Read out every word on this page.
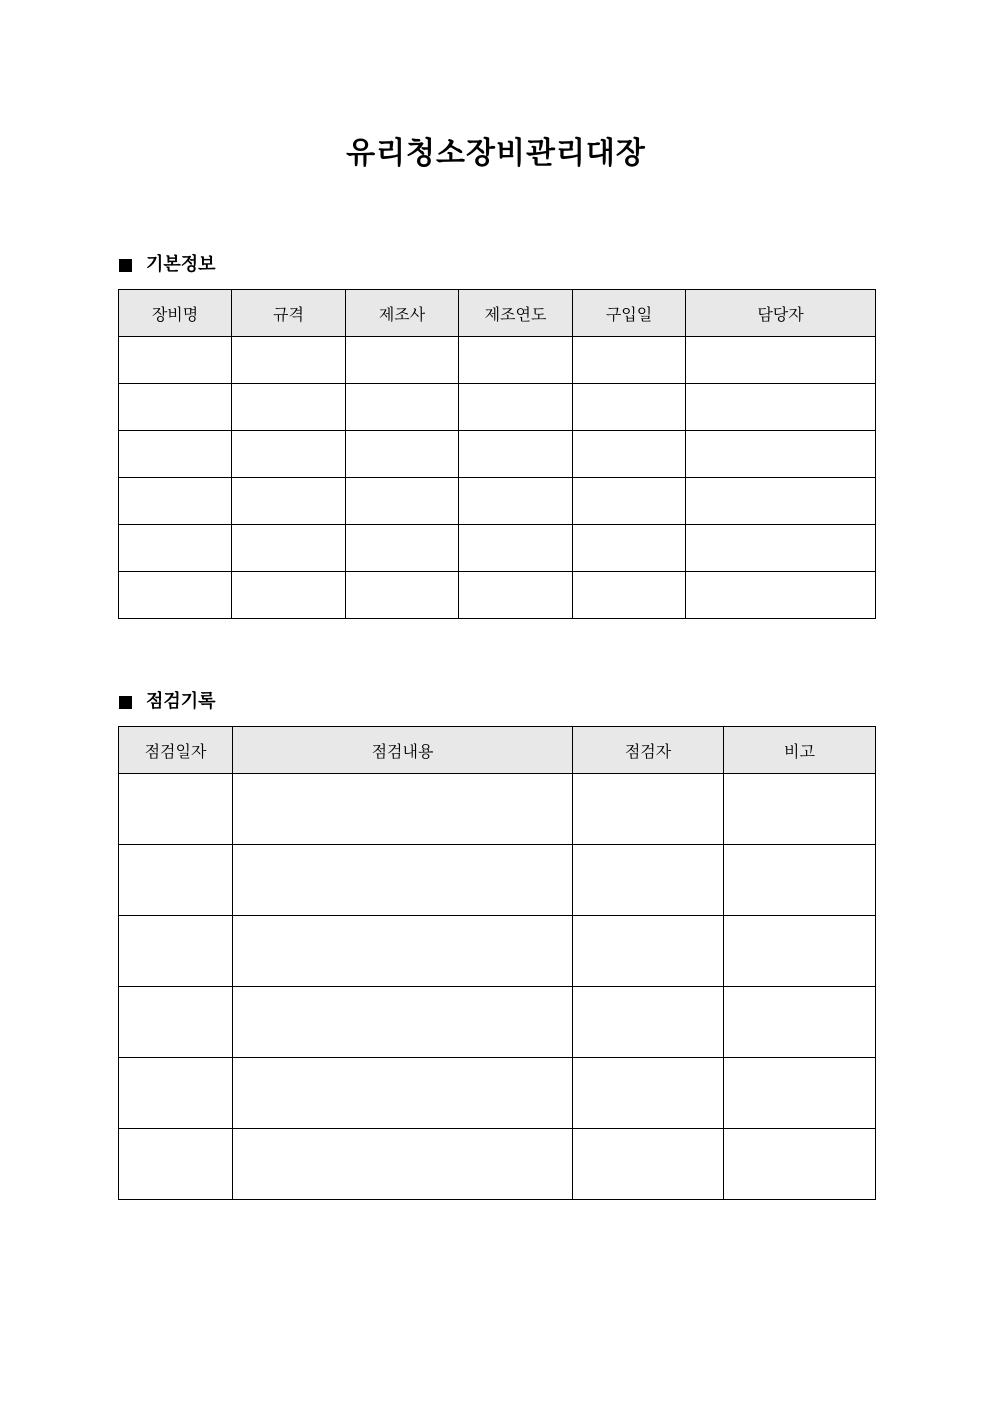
유리청소장비관리대장
기본정보
장비명	규격	제조사	제조연도	구입일	담당자

점검기록
점검일자	점검내용	점검자	비고
